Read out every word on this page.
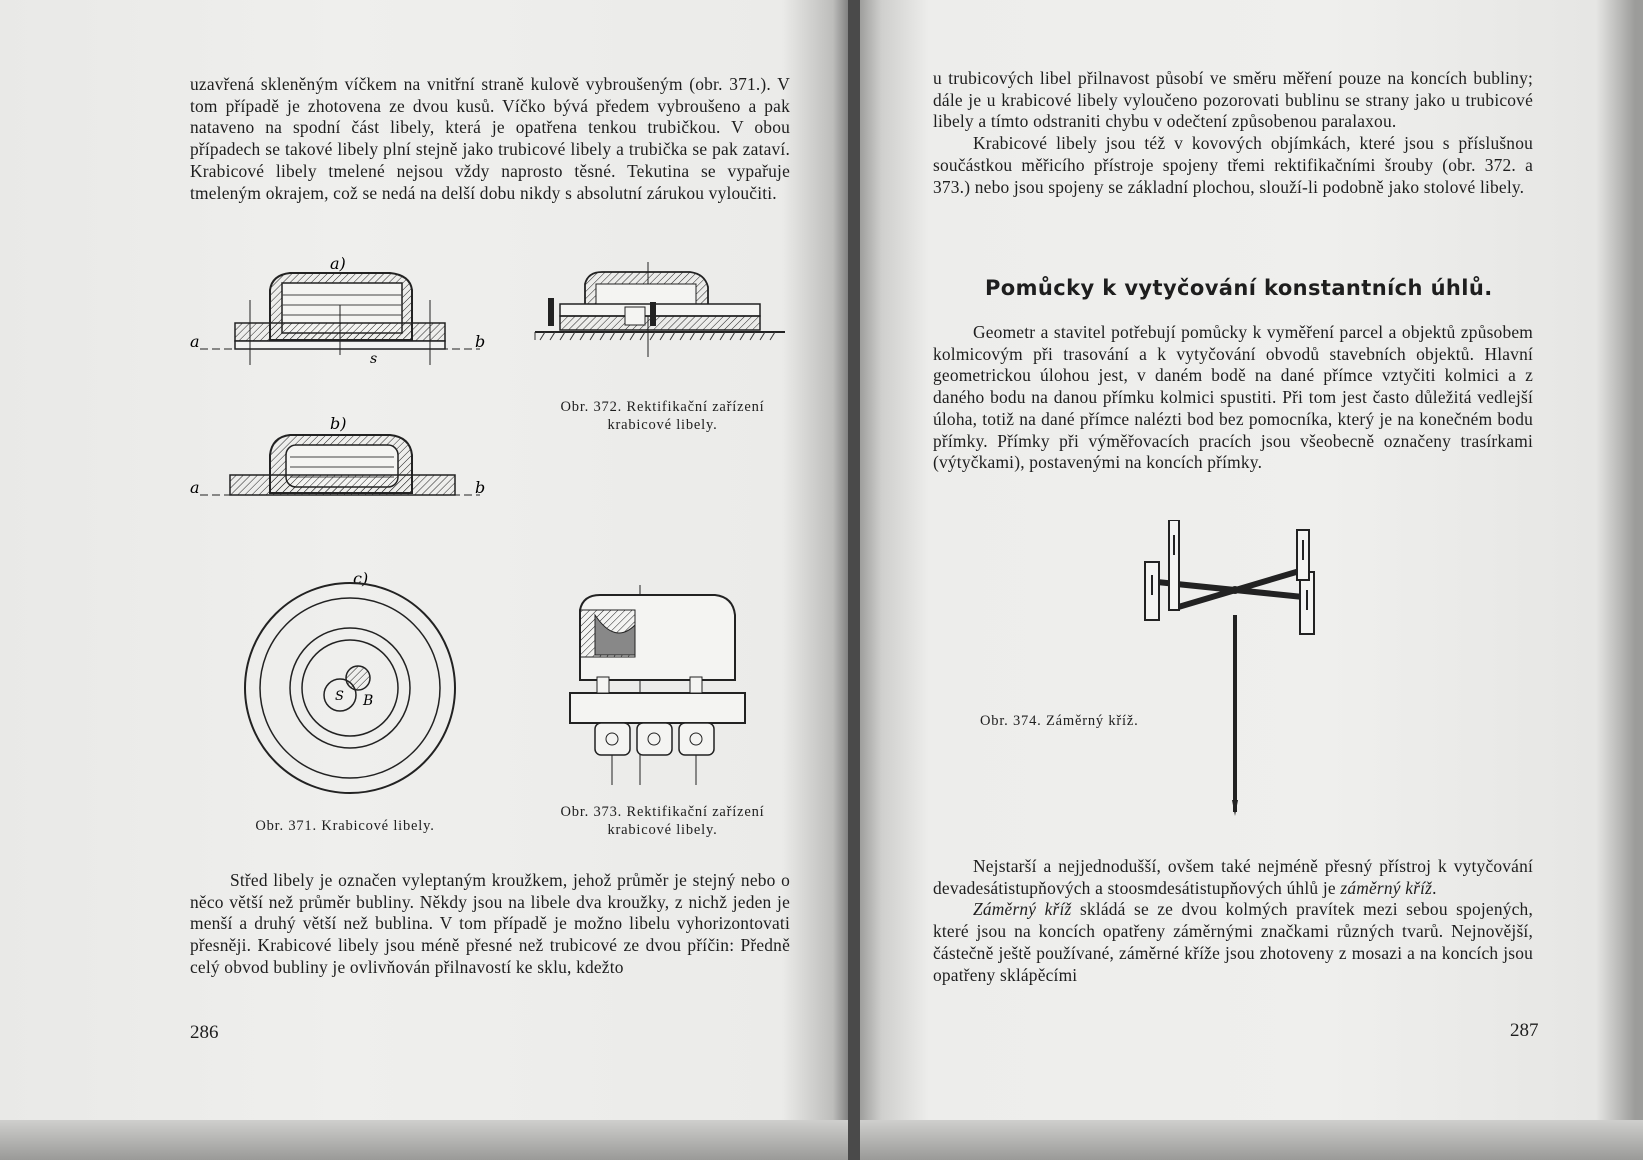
uzavřená skleněným víčkem na vnitřní straně kulově vybroušeným (obr. 371.). V tom případě je zhotovena ze dvou kusů. Víčko bývá předem vybroušeno a pak nataveno na spodní část libely, která je opatřena tenkou trubičkou. V obou případech se takové libely plní stejně jako trubicové libely a trubička se pak zataví. Krabicové libely tmelené nejsou vždy naprosto těsné. Tekutina se vypařuje tmeleným okrajem, což se nedá na delší dobu nikdy s absolutní zárukou vyloučiti.

a)
a	b
s
b)
a	b
c)
S B
Obr. 372. Rektifikační zařízení
krabicové libely.
Obr. 371. Krabicové libely.
Obr. 373. Rektifikační zařízení
krabicové libely.

Střed libely je označen vyleptaným kroužkem, jehož průměr je stejný nebo o něco větší než průměr bubliny. Někdy jsou na libele dva kroužky, z nichž jeden je menší a druhý větší než bublina. V tom případě je možno libelu vyhorizontovati přesněji. Krabicové libely jsou méně přesné než trubicové ze dvou příčin: Předně celý obvod bubliny je ovlivňován přilnavostí ke sklu, kdežto

286

u trubicových libel přilnavost působí ve směru měření pouze na koncích bubliny; dále je u krabicové libely vyloučeno pozorovati bublinu se strany jako u trubicové libely a tímto odstraniti chybu v odečtení způsobenou paralaxou.

Krabicové libely jsou též v kovových objímkách, které jsou s příslušnou součástkou měřicího přístroje spojeny třemi rektifikačními šrouby (obr. 372. a 373.) nebo jsou spojeny se základní plochou, slouží-li podobně jako stolové libely.

Pomůcky k vytyčování konstantních úhlů.

Geometr a stavitel potřebují pomůcky k vyměření parcel a objektů způsobem kolmicovým při trasování a k vytyčování obvodů stavebních objektů. Hlavní geometrickou úlohou jest, v daném bodě na dané přímce vztyčiti kolmici a z daného bodu na danou přímku kolmici spustiti. Při tom jest často důležitá vedlejší úloha, totiž na dané přímce nalézti bod bez pomocníka, který je na konečném bodu přímky. Přímky při výměřovacích pracích jsou všeobecně označeny trasírkami (výtyčkami), postavenými na koncích přímky.

Obr. 374. Záměrný kříž.

Nejstarší a nejjednodušší, ovšem také nejméně přesný přístroj k vytyčování devadesátistupňových a stoosmdesátistupňových úhlů je záměrný kříž.

Záměrný kříž skládá se ze dvou kolmých pravítek mezi sebou spojených, které jsou na koncích opatřeny záměrnými značkami různých tvarů. Nejnovější, částečně ještě používané, záměrné kříže jsou zhotoveny z mosazi a na koncích jsou opatřeny sklápěcími

287
